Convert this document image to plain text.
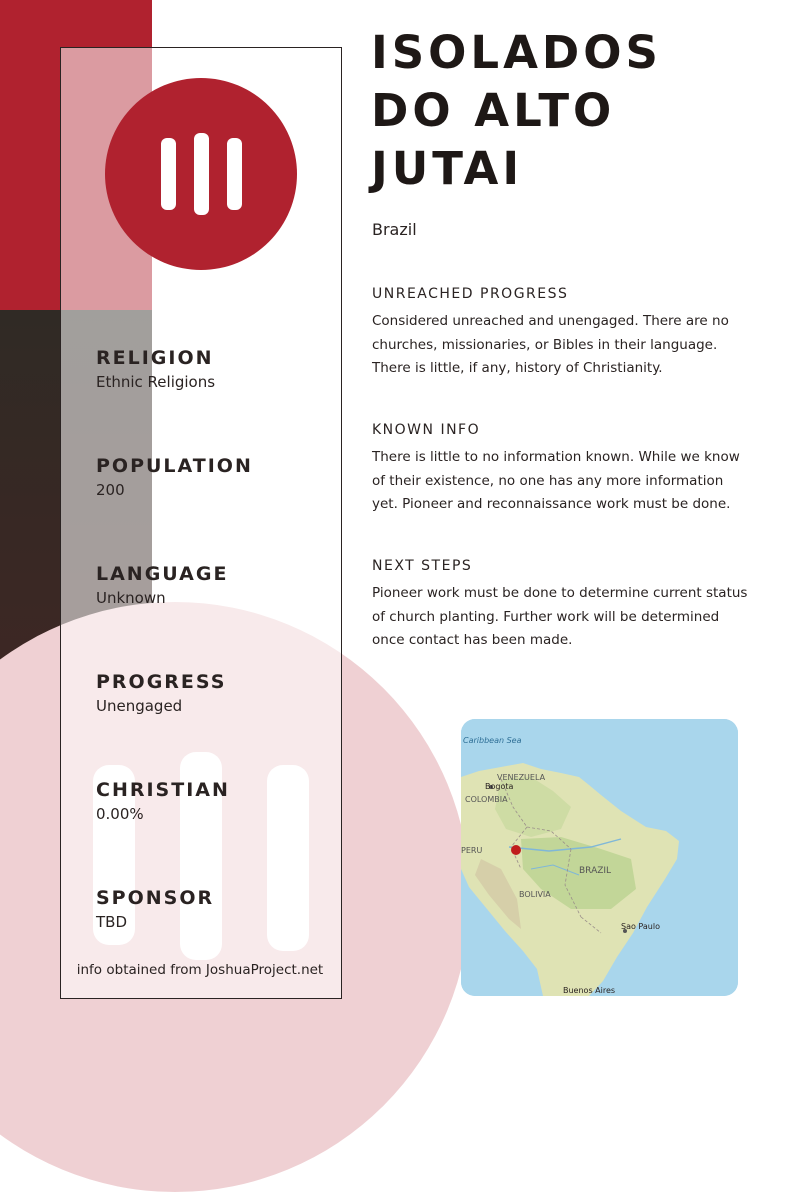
RELIGION
Ethnic Religions
POPULATION
200
LANGUAGE
Unknown
PROGRESS
Unengaged
CHRISTIAN
0.00%
SPONSOR
TBD
info obtained from JoshuaProject.net
ISOLADOS
DO ALTO
JUTAI
Brazil
UNREACHED PROGRESS
Considered unreached and unengaged. There are no churches, missionaries, or Bibles in their language. There is little, if any, history of Christianity.
KNOWN INFO
There is little to no information known. While we know of their existence, no one has any more information yet. Pioneer and reconnaissance work must be done.
NEXT STEPS
Pioneer work must be done to determine current status of church planting. Further work will be determined once contact has been made.
Caribbean Sea
Bogota
VENEZUELA
COLOMBIA
PERU
BRAZIL
BOLIVIA
Sao Paulo
Buenos Aires
